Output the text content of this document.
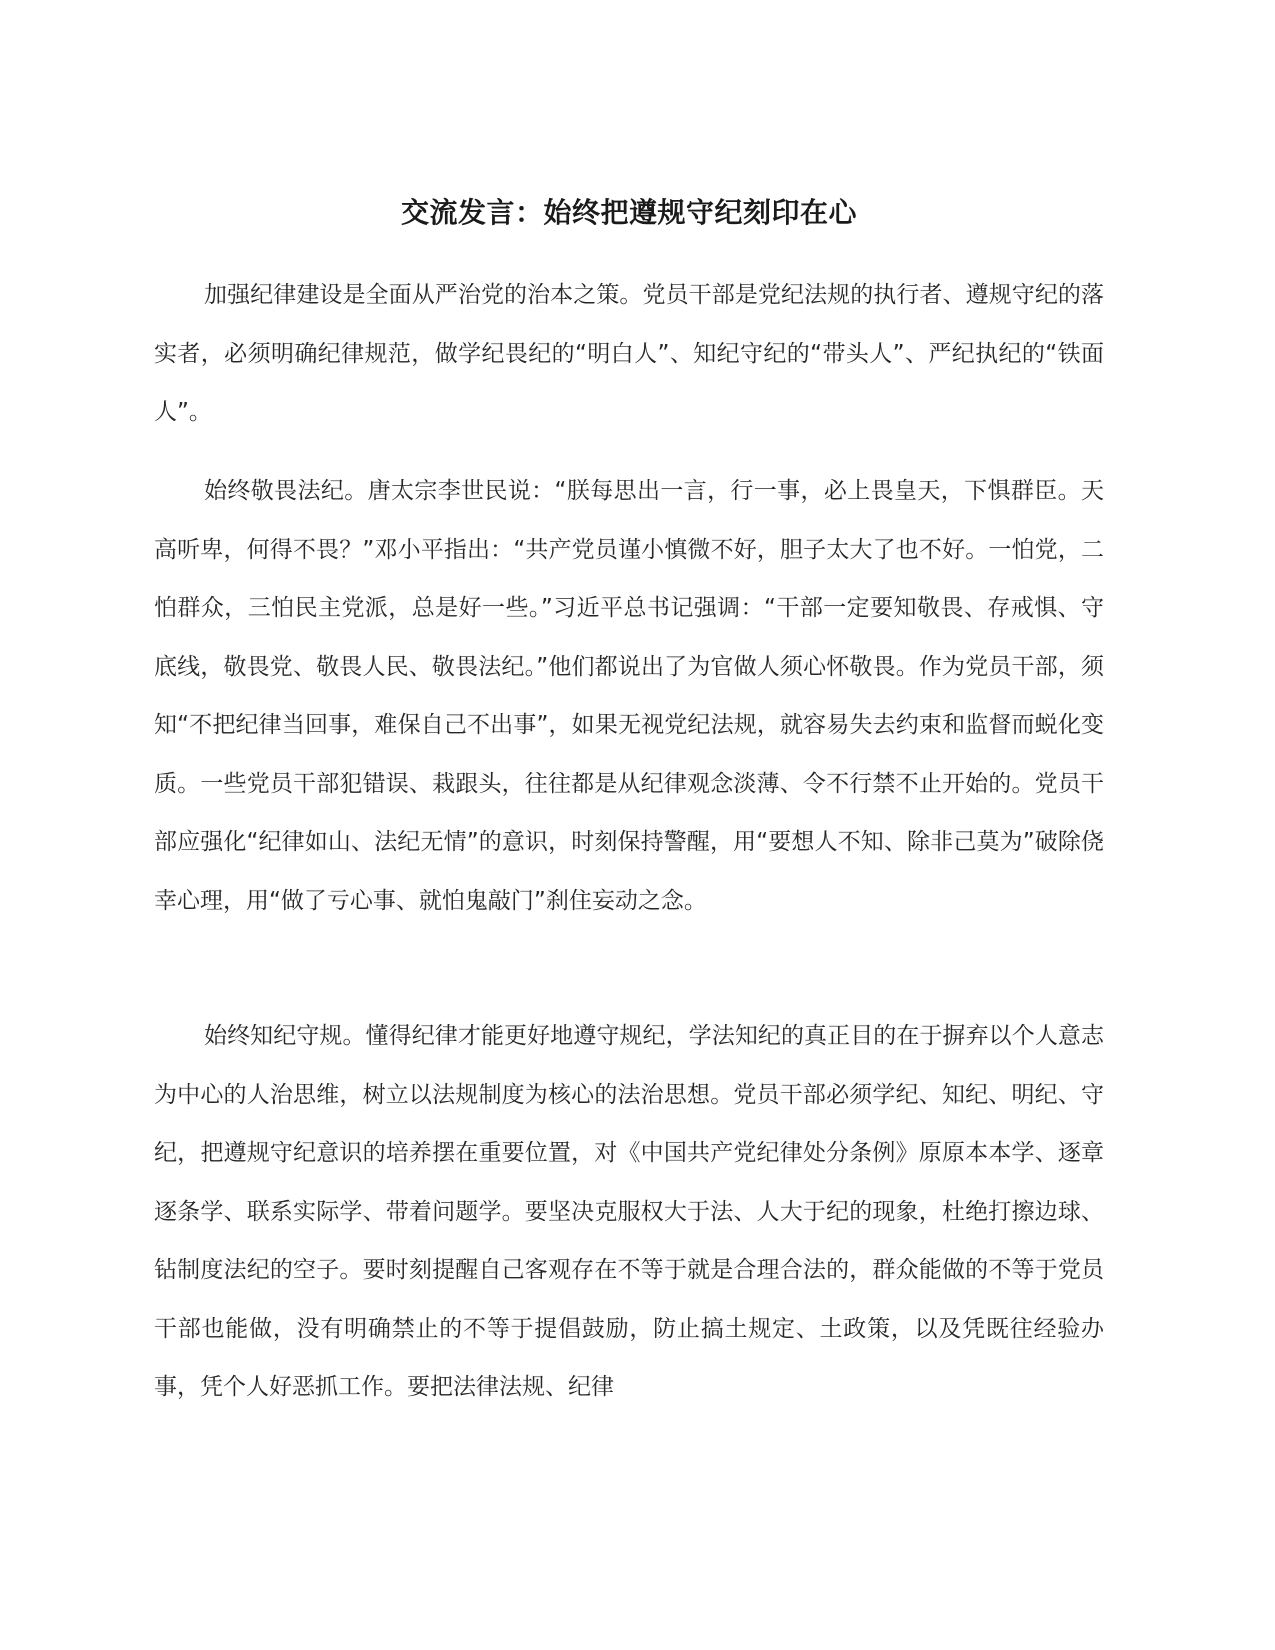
交流发言：始终把遵规守纪刻印在心

加强纪律建设是全面从严治党的治本之策。党员干部是党纪法规的执行者、遵规守纪的落实者，必须明确纪律规范，做学纪畏纪的“明白人”、知纪守纪的“带头人”、严纪执纪的“铁面人”。

始终敬畏法纪。唐太宗李世民说：“朕每思出一言，行一事，必上畏皇天，下惧群臣。天高听卑，何得不畏？”邓小平指出：“共产党员谨小慎微不好，胆子太大了也不好。一怕党，二怕群众，三怕民主党派，总是好一些。”习近平总书记强调：“干部一定要知敬畏、存戒惧、守底线，敬畏党、敬畏人民、敬畏法纪。”他们都说出了为官做人须心怀敬畏。作为党员干部，须知“不把纪律当回事，难保自己不出事”，如果无视党纪法规，就容易失去约束和监督而蜕化变质。一些党员干部犯错误、栽跟头，往往都是从纪律观念淡薄、令不行禁不止开始的。党员干部应强化“纪律如山、法纪无情”的意识，时刻保持警醒，用“要想人不知、除非己莫为”破除侥幸心理，用“做了亏心事、就怕鬼敲门”刹住妄动之念。

始终知纪守规。懂得纪律才能更好地遵守规纪，学法知纪的真正目的在于摒弃以个人意志为中心的人治思维，树立以法规制度为核心的法治思想。党员干部必须学纪、知纪、明纪、守纪，把遵规守纪意识的培养摆在重要位置，对《中国共产党纪律处分条例》原原本本学、逐章逐条学、联系实际学、带着问题学。要坚决克服权大于法、人大于纪的现象，杜绝打擦边球、钻制度法纪的空子。要时刻提醒自己客观存在不等于就是合理合法的，群众能做的不等于党员干部也能做，没有明确禁止的不等于提倡鼓励，防止搞土规定、土政策，以及凭既往经验办事，凭个人好恶抓工作。要把法律法规、纪律
